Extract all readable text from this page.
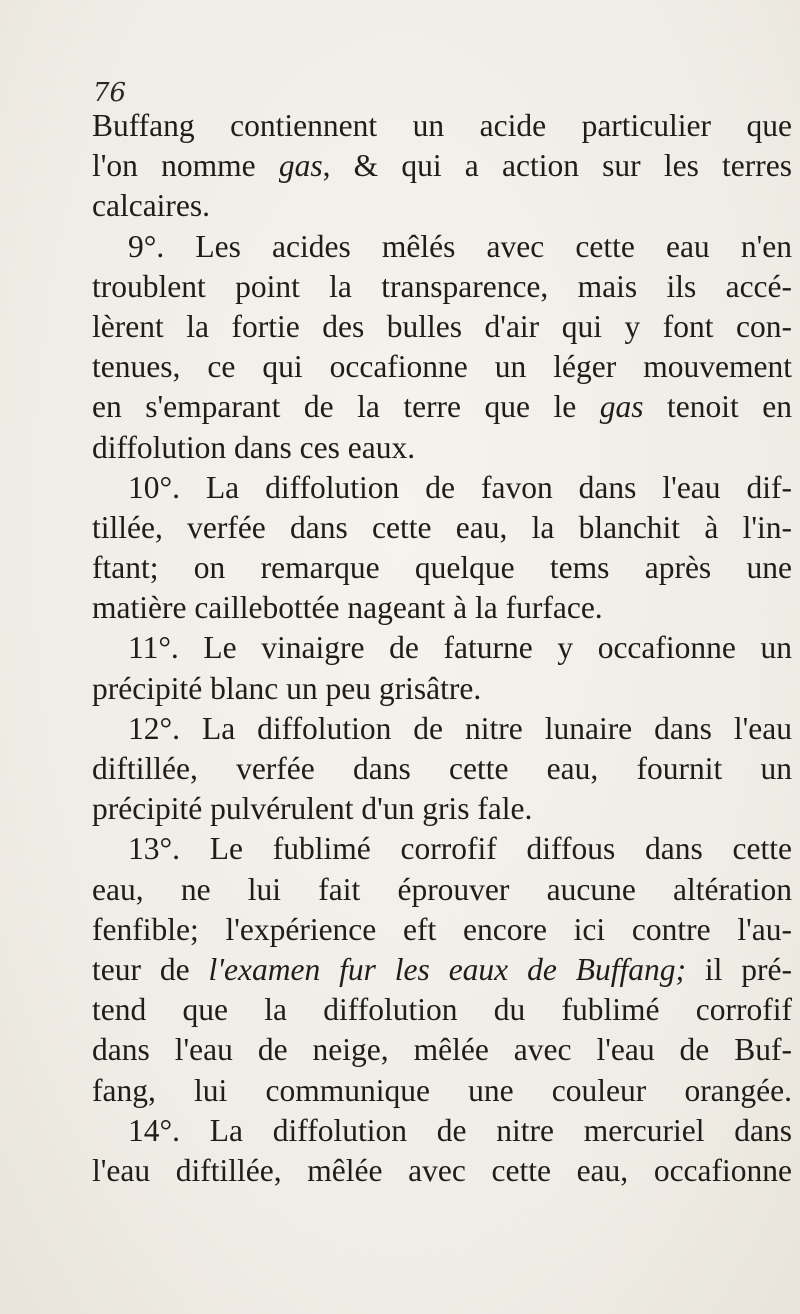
76
Buffang contiennent un acide particulier que
l'on nomme gas, & qui a action sur les terres
calcaires.
9°. Les acides mêlés avec cette eau n'en
troublent point la transparence, mais ils accé-
lèrent la fortie des bulles d'air qui y font con-
tenues, ce qui occafionne un léger mouvement
en s'emparant de la terre que le gas tenoit en
diffolution dans ces eaux.
10°. La diffolution de favon dans l'eau dif-
tillée, verfée dans cette eau, la blanchit à l'in-
ftant; on remarque quelque tems après une
matière caillebottée nageant à la furface.
11°. Le vinaigre de faturne y occafionne un
précipité blanc un peu grisâtre.
12°. La diffolution de nitre lunaire dans l'eau
diftillée, verfée dans cette eau, fournit un
précipité pulvérulent d'un gris fale.
13°. Le fublimé corrofif diffous dans cette
eau, ne lui fait éprouver aucune altération
fenfible; l'expérience eft encore ici contre l'au-
teur de l'examen fur les eaux de Buffang; il pré-
tend que la diffolution du fublimé corrofif
dans l'eau de neige, mêlée avec l'eau de Buf-
fang, lui communique une couleur orangée.
14°. La diffolution de nitre mercuriel dans
l'eau diftillée, mêlée avec cette eau, occafionne
